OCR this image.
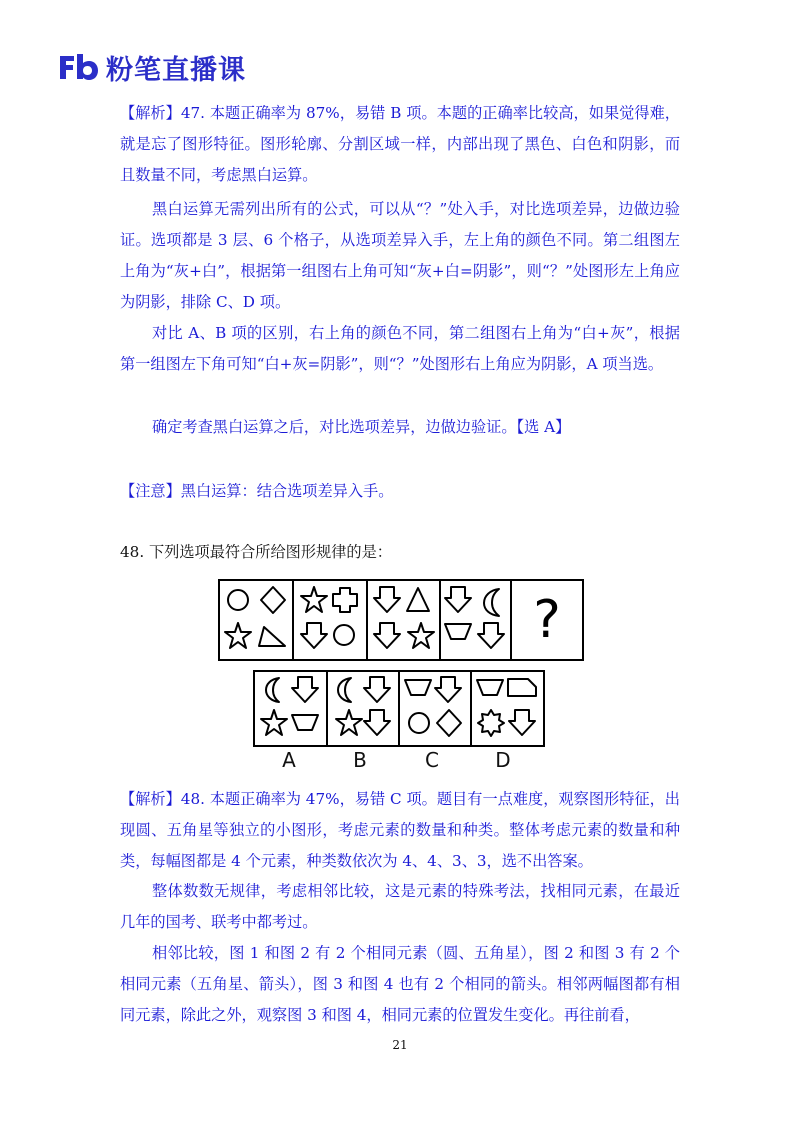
粉笔直播课

【解析】47. 本题正确率为 87%，易错 B 项。本题的正确率比较高，如果觉得难，就是忘了图形特征。图形轮廓、分割区域一样，内部出现了黑色、白色和阴影，而且数量不同，考虑黑白运算。

黑白运算无需列出所有的公式，可以从“？”处入手，对比选项差异，边做边验证。选项都是 3 层、6 个格子，从选项差异入手，左上角的颜色不同。第二组图左上角为“灰+白”，根据第一组图右上角可知“灰+白=阴影”，则“？”处图形左上角应为阴影，排除 C、D 项。

对比 A、B 项的区别，右上角的颜色不同，第二组图右上角为“白+灰”，根据第一组图左下角可知“白+灰=阴影”，则“？”处图形右上角应为阴影，A 项当选。

确定考查黑白运算之后，对比选项差异，边做边验证。【选 A】

【注意】黑白运算：结合选项差异入手。

48. 下列选项最符合所给图形规律的是：

?
A	B	C	D

【解析】48. 本题正确率为 47%，易错 C 项。题目有一点难度，观察图形特征，出现圆、五角星等独立的小图形，考虑元素的数量和种类。整体考虑元素的数量和种类，每幅图都是 4 个元素，种类数依次为 4、4、3、3，选不出答案。

整体数数无规律，考虑相邻比较，这是元素的特殊考法，找相同元素，在最近几年的国考、联考中都考过。

相邻比较，图 1 和图 2 有 2 个相同元素（圆、五角星），图 2 和图 3 有 2 个相同元素（五角星、箭头），图 3 和图 4 也有 2 个相同的箭头。相邻两幅图都有相同元素，除此之外，观察图 3 和图 4，相同元素的位置发生变化。再往前看，

21
